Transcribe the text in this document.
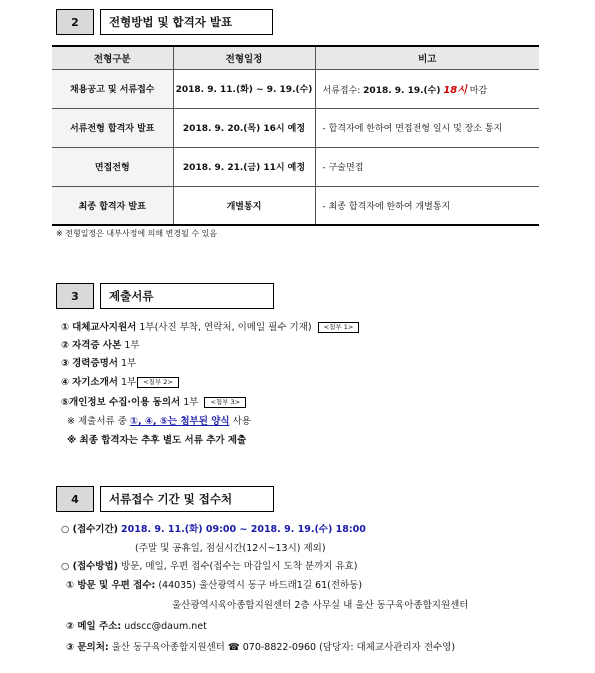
2	전형방법 및 합격자 발표
전형구분	전형일정	비고
채용공고 및 서류접수	2018. 9. 11.(화) ~ 9. 19.(수)	서류접수: 2018. 9. 19.(수) 18시 마감
서류전형 합격자 발표	2018. 9. 20.(목) 16시 예정	- 합격자에 한하여 면접전형 일시 및 장소 통지
면접전형	2018. 9. 21.(금) 11시 예정	- 구술면접
최종 합격자 발표	개별통지	- 최종 합격자에 한하여 개별통지
※ 전형일정은 내부사정에 의해 변경될 수 있음
3	제출서류
① 대체교사지원서 1부(사진 부착, 연락처, 이메일 필수 기재) <첨부 1>
② 자격증 사본 1부
③ 경력증명서 1부
④ 자기소개서 1부 <첨부 2>
⑤개인정보 수집·이용 동의서 1부 <첨부 3>
※ 제출서류 중 ①, ④, ⑤는 첨부된 양식 사용
※ 최종 합격자는 추후 별도 서류 추가 제출
4	서류접수 기간 및 접수처
○ (접수기간) 2018. 9. 11.(화) 09:00 ~ 2018. 9. 19.(수) 18:00
(주말 및 공휴일, 점심시간(12시~13시) 제외)
○ (접수방법) 방문, 메일, 우편 접수(접수는 마감일시 도착 분까지 유효)
① 방문 및 우편 접수: (44035) 울산광역시 동구 바드래1길 61(전하동)
울산광역시육아종합지원센터 2층 사무실 내 울산 동구육아종합지원센터
② 메일 주소: udscc@daum.net
③ 문의처: 울산 동구육아종합지원센터 ☎ 070-8822-0960 (담당자: 대체교사관리자 전수영)
